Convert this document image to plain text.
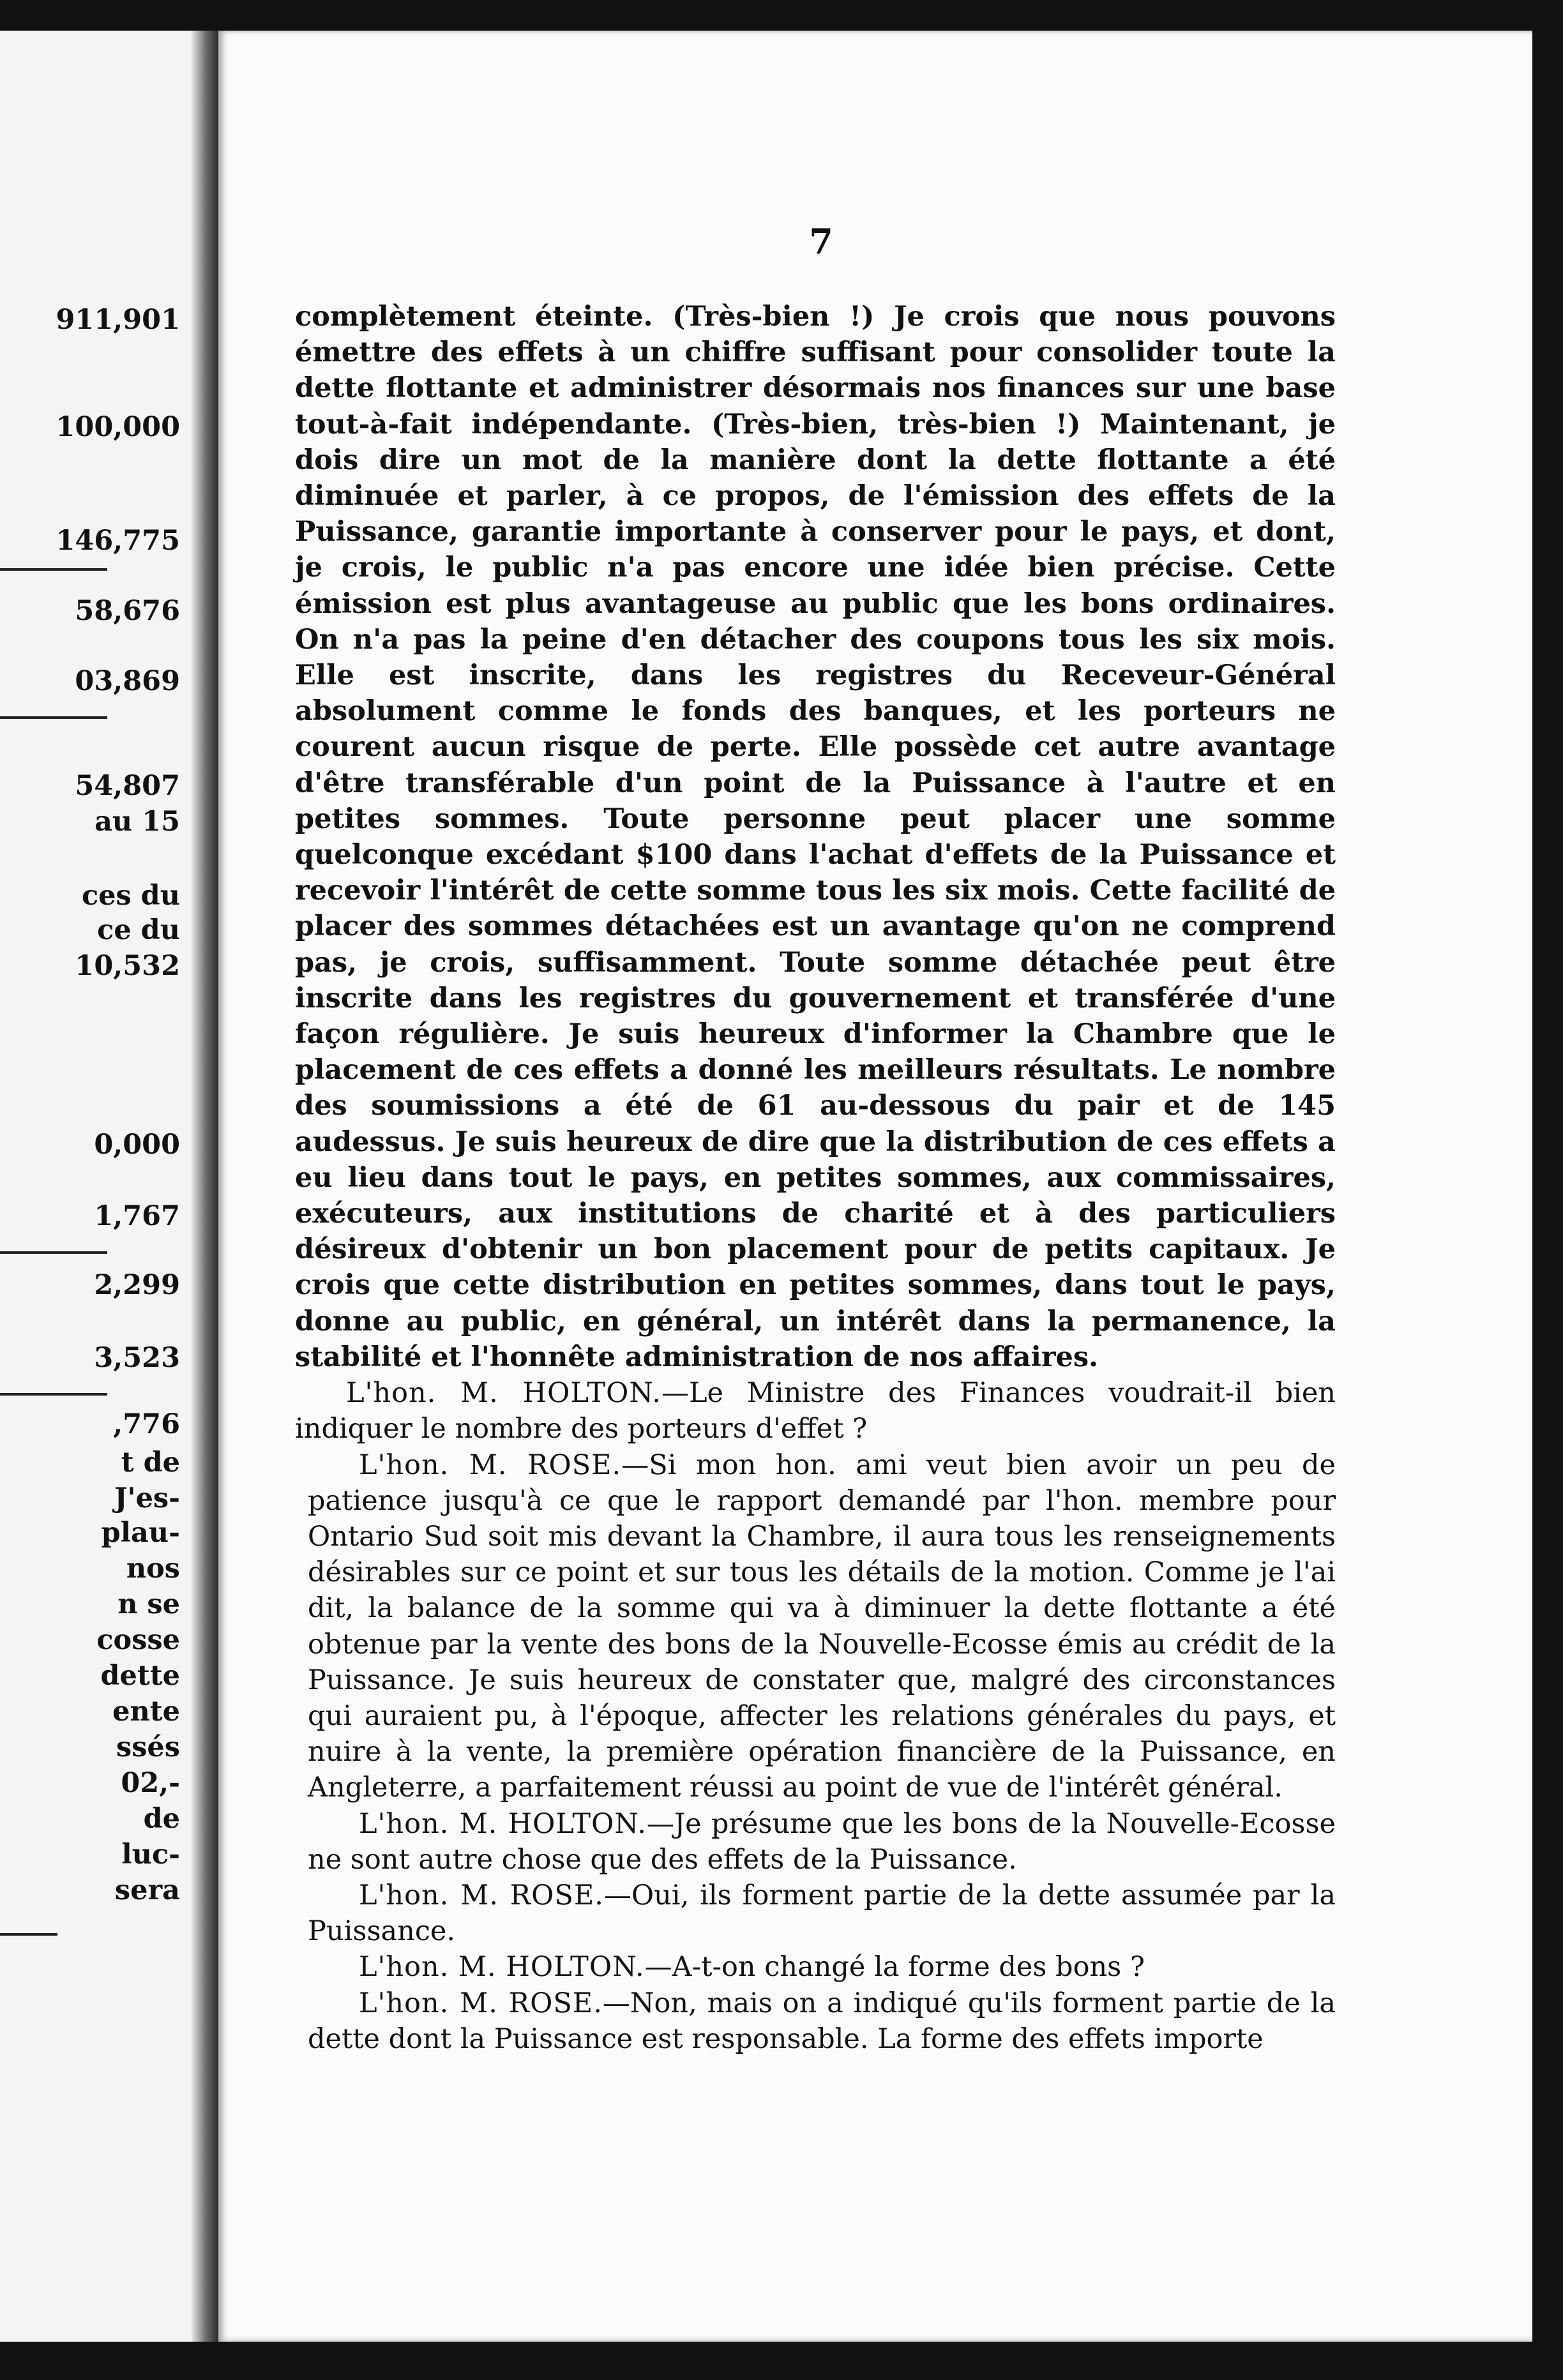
911,901
100,000
146,775
58,676
03,869
54,807
au 15
ces du
ce du
10,532
0,000
1,767
2,299
3,523
,776
t de
J'es-
plau-
nos
n se
cosse
dette
ente
ssés
02,-
de
luc-
sera
7

complètement éteinte. (Très-bien !) Je crois que nous pouvons émettre des effets à un chiffre suffisant pour consolider toute la dette flottante et administrer désormais nos finances sur une base tout-à-fait indépendante. (Très-bien, très-bien !) Maintenant, je dois dire un mot de la manière dont la dette flottante a été diminuée et parler, à ce propos, de l'émission des effets de la Puissance, garantie importante à conserver pour le pays, et dont, je crois, le public n'a pas encore une idée bien précise. Cette émission est plus avantageuse au public que les bons ordinaires. On n'a pas la peine d'en détacher des coupons tous les six mois. Elle est inscrite, dans les registres du Receveur-Général absolument comme le fonds des banques, et les porteurs ne courent aucun risque de perte. Elle possède cet autre avantage d'être transférable d'un point de la Puissance à l'autre et en petites sommes. Toute personne peut placer une somme quelconque excédant $100 dans l'achat d'effets de la Puissance et recevoir l'intérêt de cette somme tous les six mois. Cette facilité de placer des sommes détachées est un avantage qu'on ne comprend pas, je crois, suffisamment. Toute somme détachée peut être inscrite dans les registres du gouvernement et transférée d'une façon régulière. Je suis heureux d'informer la Chambre que le placement de ces effets a donné les meilleurs résultats. Le nombre des soumissions a été de 61 au-dessous du pair et de 145 audessus. Je suis heureux de dire que la distribution de ces effets a eu lieu dans tout le pays, en petites sommes, aux commissaires, exécuteurs, aux institutions de charité et à des particuliers désireux d'obtenir un bon placement pour de petits capitaux. Je crois que cette distribution en petites sommes, dans tout le pays, donne au public, en général, un intérêt dans la permanence, la stabilité et l'honnête administration de nos affaires.

L'hon. M. HOLTON.—Le Ministre des Finances voudrait-il bien indiquer le nombre des porteurs d'effet ?

L'hon. M. ROSE.—Si mon hon. ami veut bien avoir un peu de patience jusqu'à ce que le rapport demandé par l'hon. membre pour Ontario Sud soit mis devant la Chambre, il aura tous les renseignements désirables sur ce point et sur tous les détails de la motion. Comme je l'ai dit, la balance de la somme qui va à diminuer la dette flottante a été obtenue par la vente des bons de la Nouvelle-Ecosse émis au crédit de la Puissance. Je suis heureux de constater que, malgré des circonstances qui auraient pu, à l'époque, affecter les relations générales du pays, et nuire à la vente, la première opération financière de la Puissance, en Angleterre, a parfaitement réussi au point de vue de l'intérêt général.

L'hon. M. HOLTON.—Je présume que les bons de la Nouvelle-Ecosse ne sont autre chose que des effets de la Puissance.

L'hon. M. ROSE.—Oui, ils forment partie de la dette assumée par la Puissance.

L'hon. M. HOLTON.—A-t-on changé la forme des bons ?

L'hon. M. ROSE.—Non, mais on a indiqué qu'ils forment partie de la dette dont la Puissance est responsable. La forme des effets importe
